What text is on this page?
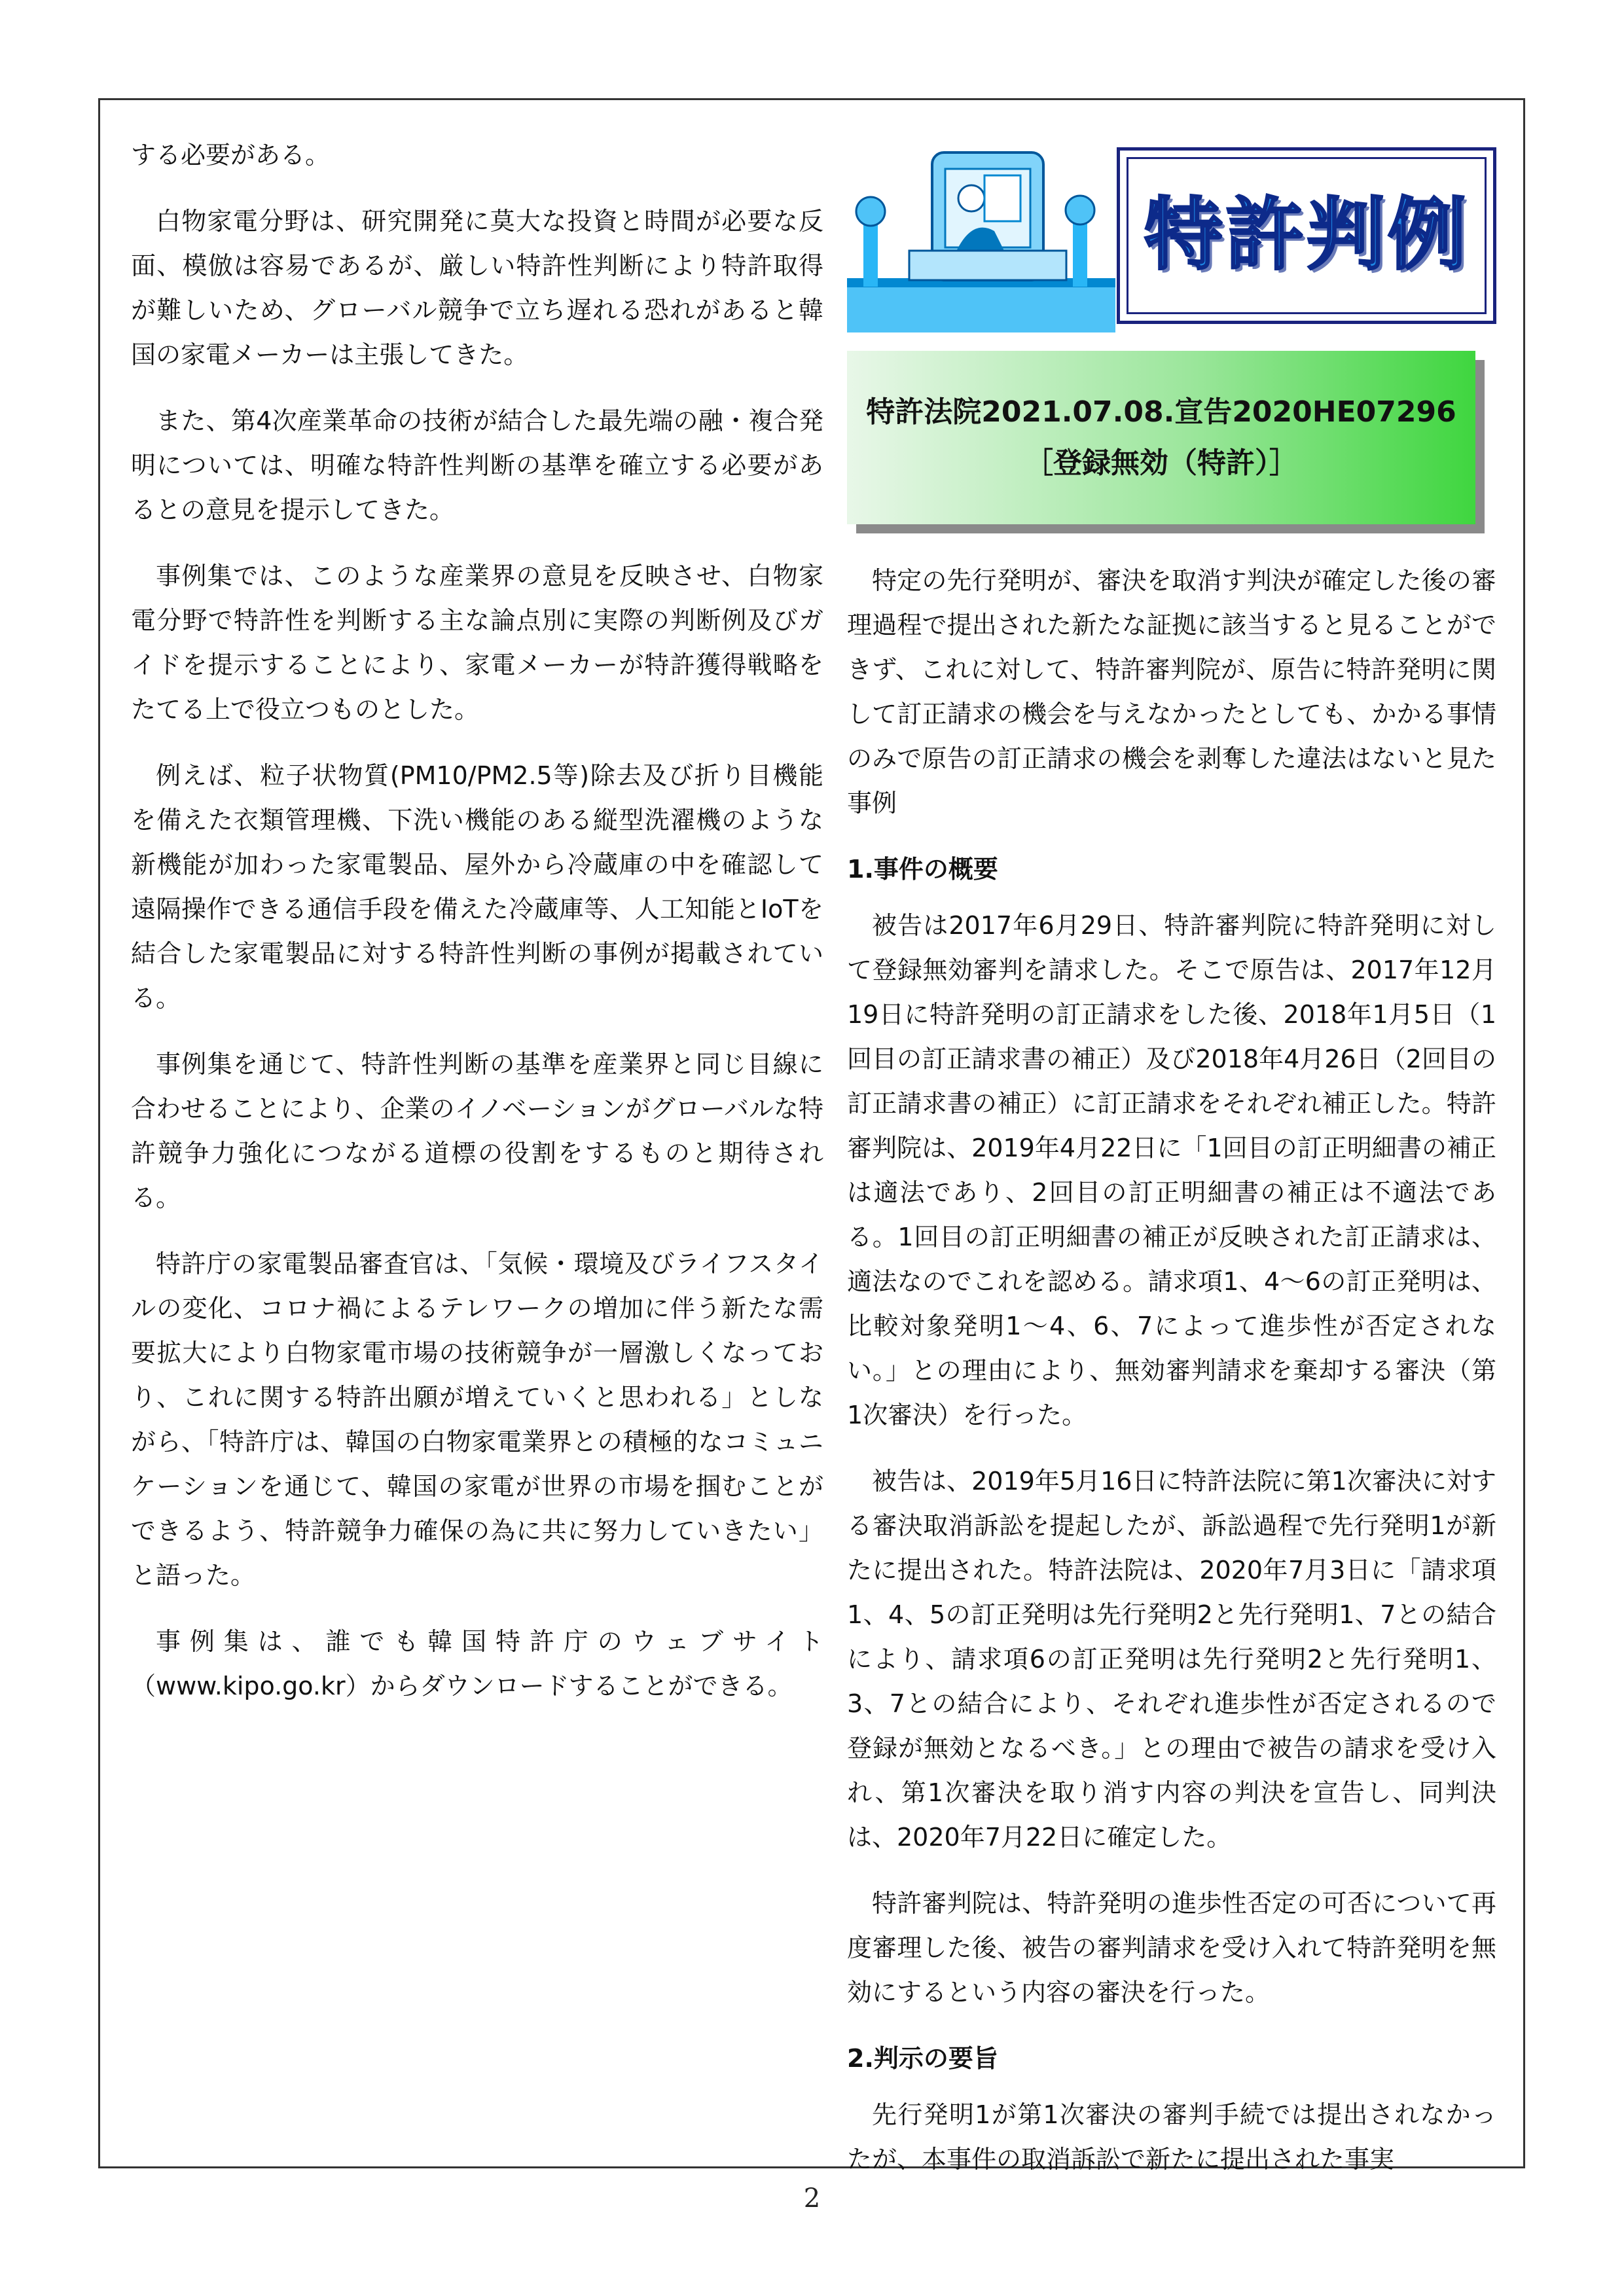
する必要がある。

白物家電分野は、研究開発に莫大な投資と時間が必要な反面、模倣は容易であるが、厳しい特許性判断により特許取得が難しいため、グローバル競争で立ち遅れる恐れがあると韓国の家電メーカーは主張してきた。

また、第4次産業革命の技術が結合した最先端の融・複合発明については、明確な特許性判断の基準を確立する必要があるとの意見を提示してきた。

事例集では、このような産業界の意見を反映させ、白物家電分野で特許性を判断する主な論点別に実際の判断例及びガイドを提示することにより、家電メーカーが特許獲得戦略をたてる上で役立つものとした。

例えば、粒子状物質(PM10/PM2.5等)除去及び折り目機能を備えた衣類管理機、下洗い機能のある縦型洗濯機のような新機能が加わった家電製品、屋外から冷蔵庫の中を確認して遠隔操作できる通信手段を備えた冷蔵庫等、人工知能とIoTを結合した家電製品に対する特許性判断の事例が掲載されている。

事例集を通じて、特許性判断の基準を産業界と同じ目線に合わせることにより、企業のイノベーションがグローバルな特許競争力強化につながる道標の役割をするものと期待される。

特許庁の家電製品審査官は、「気候・環境及びライフスタイルの変化、コロナ禍によるテレワークの増加に伴う新たな需要拡大により白物家電市場の技術競争が一層激しくなっており、これに関する特許出願が増えていくと思われる」としながら、「特許庁は、韓国の白物家電業界との積極的なコミュニケーションを通じて、韓国の家電が世界の市場を掴むことができるよう、特許競争力確保の為に共に努力していきたい」と語った。

事例集は、誰でも韓国特許庁のウェブサイト（www.kipo.go.kr）からダウンロードすることができる。

特許判例
特許法院2021.07.08.宣告2020HE07296
［登録無効（特許）］

特定の先行発明が、審決を取消す判決が確定した後の審理過程で提出された新たな証拠に該当すると見ることができず、これに対して、特許審判院が、原告に特許発明に関して訂正請求の機会を与えなかったとしても、かかる事情のみで原告の訂正請求の機会を剥奪した違法はないと見た事例

1.事件の概要

被告は2017年6月29日、特許審判院に特許発明に対して登録無効審判を請求した。そこで原告は、2017年12月19日に特許発明の訂正請求をした後、2018年1月5日（1回目の訂正請求書の補正）及び2018年4月26日（2回目の訂正請求書の補正）に訂正請求をそれぞれ補正した。特許審判院は、2019年4月22日に「1回目の訂正明細書の補正は適法であり、2回目の訂正明細書の補正は不適法である。1回目の訂正明細書の補正が反映された訂正請求は、適法なのでこれを認める。請求項1、4～6の訂正発明は、比較対象発明1～4、6、7によって進歩性が否定されない。」との理由により、無効審判請求を棄却する審決（第1次審決）を行った。

被告は、2019年5月16日に特許法院に第1次審決に対する審決取消訴訟を提起したが、訴訟過程で先行発明1が新たに提出された。特許法院は、2020年7月3日に「請求項1、4、5の訂正発明は先行発明2と先行発明1、7との結合により、請求項6の訂正発明は先行発明2と先行発明1、3、7との結合により、それぞれ進歩性が否定されるので登録が無効となるべき。」との理由で被告の請求を受け入れ、第1次審決を取り消す内容の判決を宣告し、同判決は、2020年7月22日に確定した。

特許審判院は、特許発明の進歩性否定の可否について再度審理した後、被告の審判請求を受け入れて特許発明を無効にするという内容の審決を行った。

2.判示の要旨

先行発明1が第1次審決の審判手続では提出されなかったが、本事件の取消訴訟で新たに提出された事実

2
